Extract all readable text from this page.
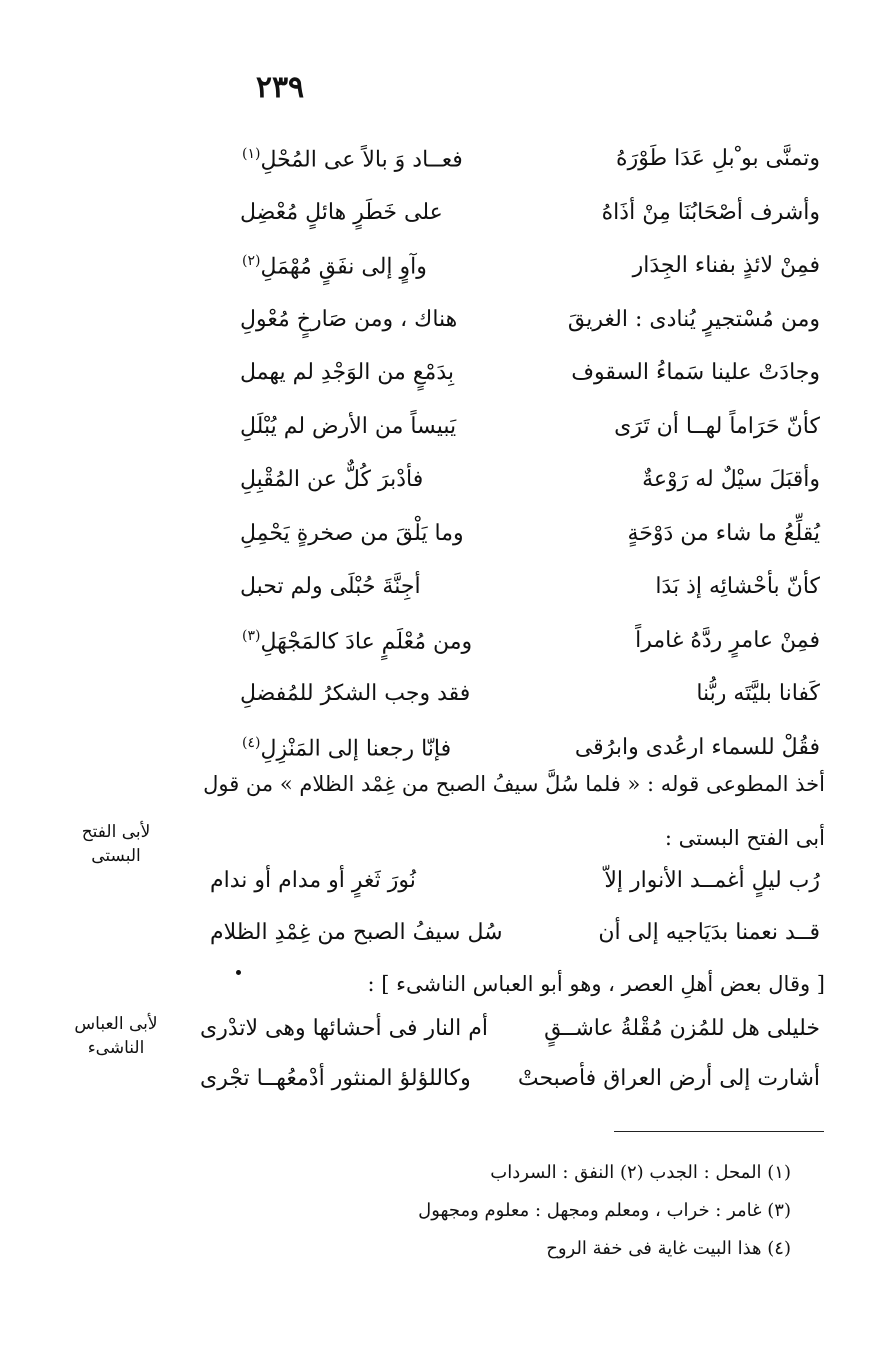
٢٣٩
وتمنَّى بو ْبلِ عَدَا طَوْرَهُ
فعــاد وَ بالاً عى المُحْلِ$^{(١)}$
وأشرف أصْحَابُنَا مِنْ أذَاهُ
على خَطَرٍ هائلٍ مُعْضِل
فمِنْ لائذٍ بفناء الجِدَار
وآوٍ إلى نفَقٍ مُهْمَلِ$^{(٢)}$
ومن مُسْتجيرٍ يُنادى : الغريقَ
هناك ، ومن صَارخٍ مُعْولِ
وجادَتْ علينا سَماءُ السقوف
بِدَمْعٍ من الوَجْدِ لم يهمل
كأنّ حَرَاماً لهــا أن تَرَى
يَبيساً من الأرض لم يُبْلَلِ
وأقبَلَ سيْلٌ له رَوْعةٌ
فأدْبرَ كُلٌّ عن المُقْبِلِ
يُقلِّعُ ما شاء من دَوْحَةٍ
وما يَلْقَ من صخرةٍ يَحْمِلِ
كأنّ بأحْشائِه إذ بَدَا
أجِنَّةَ حُبْلَى ولم تحبل
فمِنْ عامرٍ ردَّهُ غامراً
ومن مُعْلَمٍ عادَ كالمَجْهَلِ$^{(٣)}$
كَفانا بليَّتَه ربُّنا
فقد وجب الشكرُ للمُفضلِ
فقُلْ للسماء ارعُدى وابرُقى
فإنّا رجعنا إلى المَنْزِلِ$^{(٤)}$
أخذ المطوعى قوله : « فلما سُلَّ سيفُ الصبح من غِمْد الظلام » من قول
أبى الفتح البستى :
لأبى الفتح
البستى
رُب ليلٍ أغمــد الأنوار إلاّ
نُورَ ثَغرٍ أو مدام أو ندام
قــد نعمنا بدَيَاجيه إلى أن
سُل سيفُ الصبح من غِمْدِ الظلام
[ وقال بعض أهلِ العصر ، وهو أبو العباس الناشىء ] :
لأبى العباس
الناشىء
خليلى هل للمُزن مُقْلةُ عاشــقٍ
أم النار فى أحشائها وهى لاتدْرى
أشارت إلى أرض العراق فأصبحتْ
وكاللؤلؤ المنثور أدْمعُهــا تجْرى
(١) المحل : الجدب (٢) النفق : السرداب
(٣) غامر : خراب ، ومعلم ومجهل : معلوم ومجهول
(٤) هذا البيت غاية فى خفة الروح
